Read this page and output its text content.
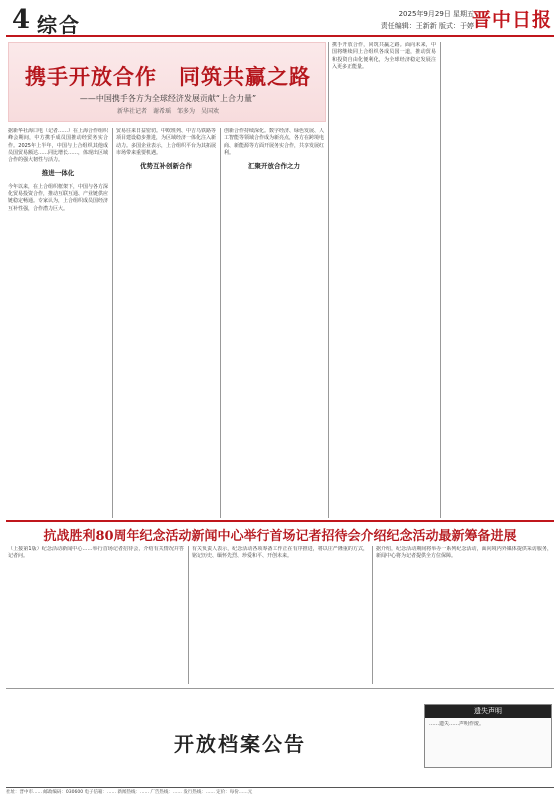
4 综合	2025年9月29日 星期五
责任编辑：王新新 版式：于婷
晋中日报
携手开放合作　同筑共赢之路
——中国携手各方为全球经济发展贡献“上合力量”
新华社记者　谢希瑶　邹多为　吴国欢

据新华社海口电（记者……）在上海合作组织峰会期间，中方携手成员国推动经贸务实合作。2025年上半年，中国与上合组织其他成员国贸易额达……同比增长……，体现出区域合作的强大韧性与活力。

推进一体化

今年以来，在上合组织框架下，中国与各方深化贸易投资合作，推动互联互通、产业链供应链稳定畅通。专家认为，上合组织成员国经济互补性强，合作潜力巨大。

贸易往来日益密切。中欧班列、中吉乌铁路等项目建设稳步推进，为区域经济一体化注入新动力。多国企业表示，上合组织平台为其拓展市场带来重要机遇。

优势互补创新合作

创新合作持续深化。数字经济、绿色发展、人工智能等领域合作成为新亮点，各方在跨境电商、新能源等方面开展务实合作，共享发展红利。

汇聚开放合作之力

携手开放合作，同筑共赢之路。面向未来，中国将继续同上合组织各成员国一道，推动贸易和投资自由化便利化，为全球经济稳定发展注入更多正能量。

抗战胜利80周年纪念活动新闻中心举行首场记者招待会介绍纪念活动最新筹备进展

（上接第1版）纪念活动新闻中心……举行首场记者招待会，介绍有关情况并答记者问。

有关负责人表示，纪念活动各项筹备工作正在有序推进，将以庄严隆重的方式，铭记历史、缅怀先烈、珍爱和平、开创未来。

据介绍，纪念活动期间将举办一系列纪念活动，面向境内外媒体提供采访服务，新闻中心将为记者提供全方位保障。

开放档案公告
遗失声明
……遗失……声明作废。
社址：晋中市…… 邮政编码：030600 电子信箱：…… 新闻热线：…… 广告热线：…… 发行热线：…… 定价：每份……元
